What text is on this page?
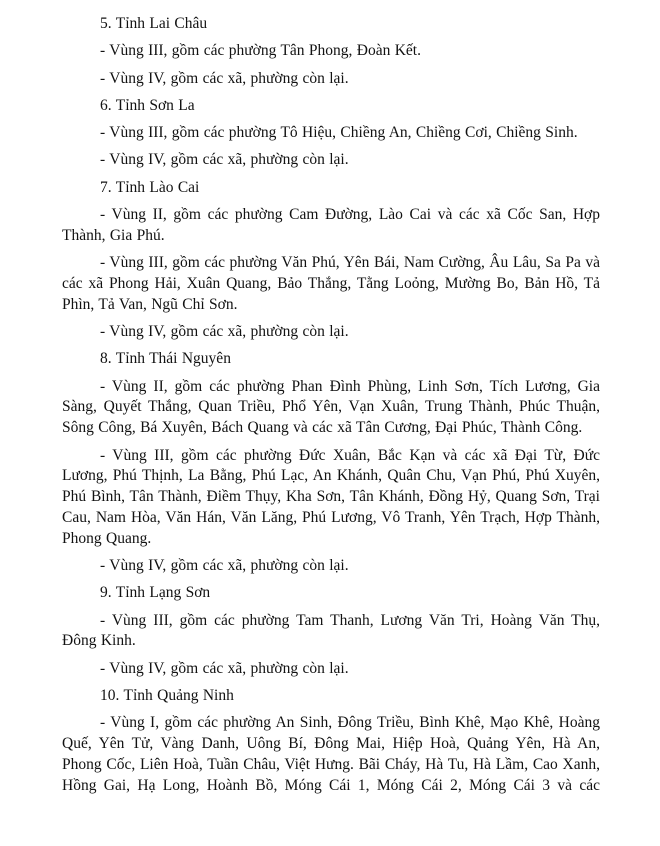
5. Tỉnh Lai Châu

- Vùng III, gồm các phường Tân Phong, Đoàn Kết.

- Vùng IV, gồm các xã, phường còn lại.

6. Tỉnh Sơn La

- Vùng III, gồm các phường Tô Hiệu, Chiềng An, Chiềng Cơi, Chiềng Sinh.

- Vùng IV, gồm các xã, phường còn lại.

7. Tỉnh Lào Cai

- Vùng II, gồm các phường Cam Đường, Lào Cai và các xã Cốc San, Hợp Thành, Gia Phú.

- Vùng III, gồm các phường Văn Phú, Yên Bái, Nam Cường, Âu Lâu, Sa Pa và các xã Phong Hải, Xuân Quang, Bảo Thắng, Tằng Loỏng, Mường Bo, Bản Hồ, Tả Phìn, Tả Van, Ngũ Chỉ Sơn.

- Vùng IV, gồm các xã, phường còn lại.

8. Tỉnh Thái Nguyên

- Vùng II, gồm các phường Phan Đình Phùng, Linh Sơn, Tích Lương, Gia Sàng, Quyết Thắng, Quan Triều, Phổ Yên, Vạn Xuân, Trung Thành, Phúc Thuận, Sông Công, Bá Xuyên, Bách Quang và các xã Tân Cương, Đại Phúc, Thành Công.

- Vùng III, gồm các phường Đức Xuân, Bắc Kạn và các xã Đại Từ, Đức Lương, Phú Thịnh, La Bằng, Phú Lạc, An Khánh, Quân Chu, Vạn Phú, Phú Xuyên, Phú Bình, Tân Thành, Điềm Thụy, Kha Sơn, Tân Khánh, Đồng Hỷ, Quang Sơn, Trại Cau, Nam Hòa, Văn Hán, Văn Lăng, Phú Lương, Vô Tranh, Yên Trạch, Hợp Thành, Phong Quang.

- Vùng IV, gồm các xã, phường còn lại.

9. Tỉnh Lạng Sơn

- Vùng III, gồm các phường Tam Thanh, Lương Văn Tri, Hoàng Văn Thụ, Đông Kinh.

- Vùng IV, gồm các xã, phường còn lại.

10. Tỉnh Quảng Ninh

- Vùng I, gồm các phường An Sinh, Đông Triều, Bình Khê, Mạo Khê, Hoàng Quế, Yên Tử, Vàng Danh, Uông Bí, Đông Mai, Hiệp Hoà, Quảng Yên, Hà An, Phong Cốc, Liên Hoà, Tuần Châu, Việt Hưng. Bãi Cháy, Hà Tu, Hà Lầm, Cao Xanh, Hồng Gai, Hạ Long, Hoành Bồ, Móng Cái 1, Móng Cái 2, Móng Cái 3 và các
